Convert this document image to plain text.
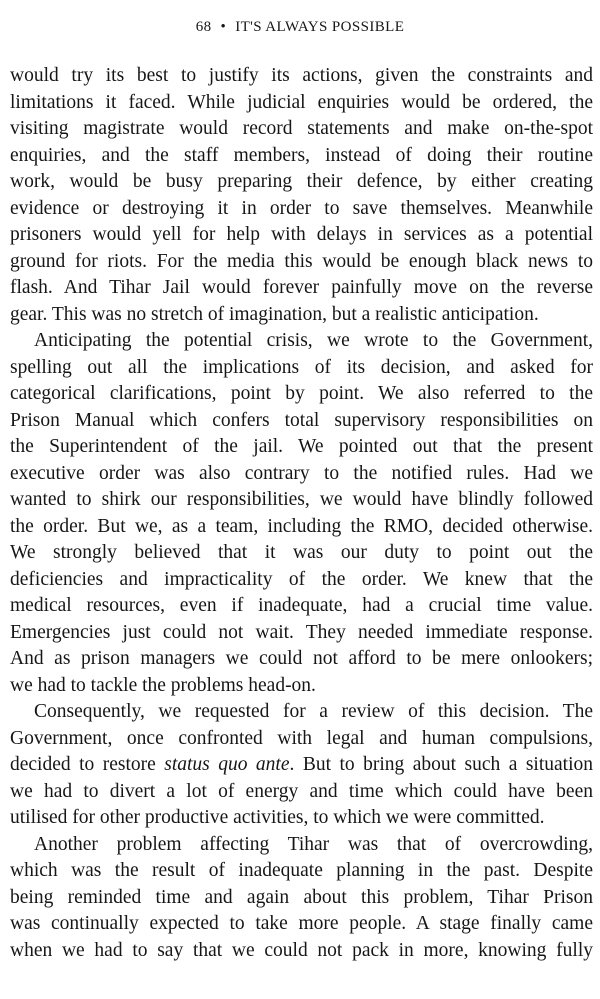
68 • IT'S ALWAYS POSSIBLE
would try its best to justify its actions, given the constraints and
limitations it faced. While judicial enquiries would be ordered, the
visiting magistrate would record statements and make on-the-spot
enquiries, and the staff members, instead of doing their routine
work, would be busy preparing their defence, by either creating
evidence or destroying it in order to save themselves. Meanwhile
prisoners would yell for help with delays in services as a potential
ground for riots. For the media this would be enough black news to
flash. And Tihar Jail would forever painfully move on the reverse
gear. This was no stretch of imagination, but a realistic anticipation.
Anticipating the potential crisis, we wrote to the Government,
spelling out all the implications of its decision, and asked for
categorical clarifications, point by point. We also referred to the
Prison Manual which confers total supervisory responsibilities on
the Superintendent of the jail. We pointed out that the present
executive order was also contrary to the notified rules. Had we
wanted to shirk our responsibilities, we would have blindly followed
the order. But we, as a team, including the RMO, decided otherwise.
We strongly believed that it was our duty to point out the
deficiencies and impracticality of the order. We knew that the
medical resources, even if inadequate, had a crucial time value.
Emergencies just could not wait. They needed immediate response.
And as prison managers we could not afford to be mere onlookers;
we had to tackle the problems head-on.
Consequently, we requested for a review of this decision. The
Government, once confronted with legal and human compulsions,
decided to restore status quo ante. But to bring about such a situation
we had to divert a lot of energy and time which could have been
utilised for other productive activities, to which we were committed.
Another problem affecting Tihar was that of overcrowding,
which was the result of inadequate planning in the past. Despite
being reminded time and again about this problem, Tihar Prison
was continually expected to take more people. A stage finally came
when we had to say that we could not pack in more, knowing fully
